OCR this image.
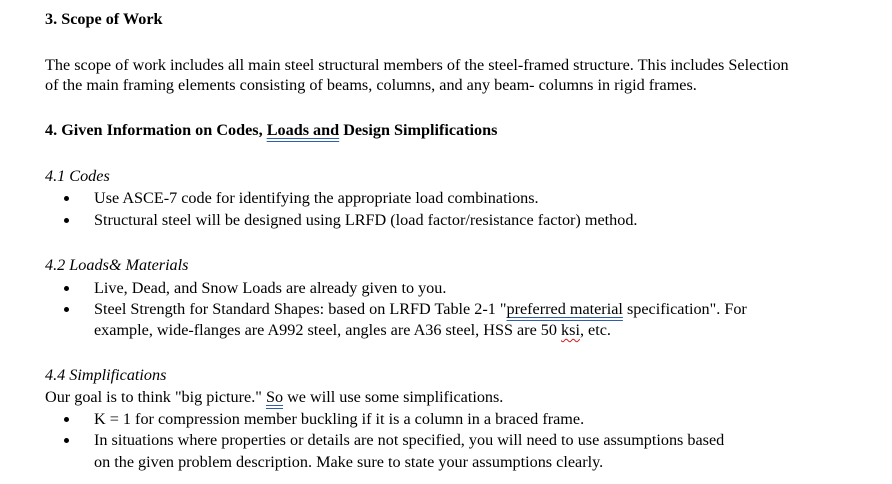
3. Scope of Work
The scope of work includes all main steel structural members of the steel-framed structure. This includes Selection
of the main framing elements consisting of beams, columns, and any beam- columns in rigid frames.
4. Given Information on Codes, Loads and Design Simplifications
4.1 Codes
Use ASCE-7 code for identifying the appropriate load combinations.
Structural steel will be designed using LRFD (load factor/resistance factor) method.
4.2 Loads& Materials
Live, Dead, and Snow Loads are already given to you.
Steel Strength for Standard Shapes: based on LRFD Table 2-1 "preferred material specification". For
example, wide-flanges are A992 steel, angles are A36 steel, HSS are 50 ksi, etc.
4.4 Simplifications
Our goal is to think "big picture." So we will use some simplifications.
K = 1 for compression member buckling if it is a column in a braced frame.
In situations where properties or details are not specified, you will need to use assumptions based
on the given problem description. Make sure to state your assumptions clearly.
